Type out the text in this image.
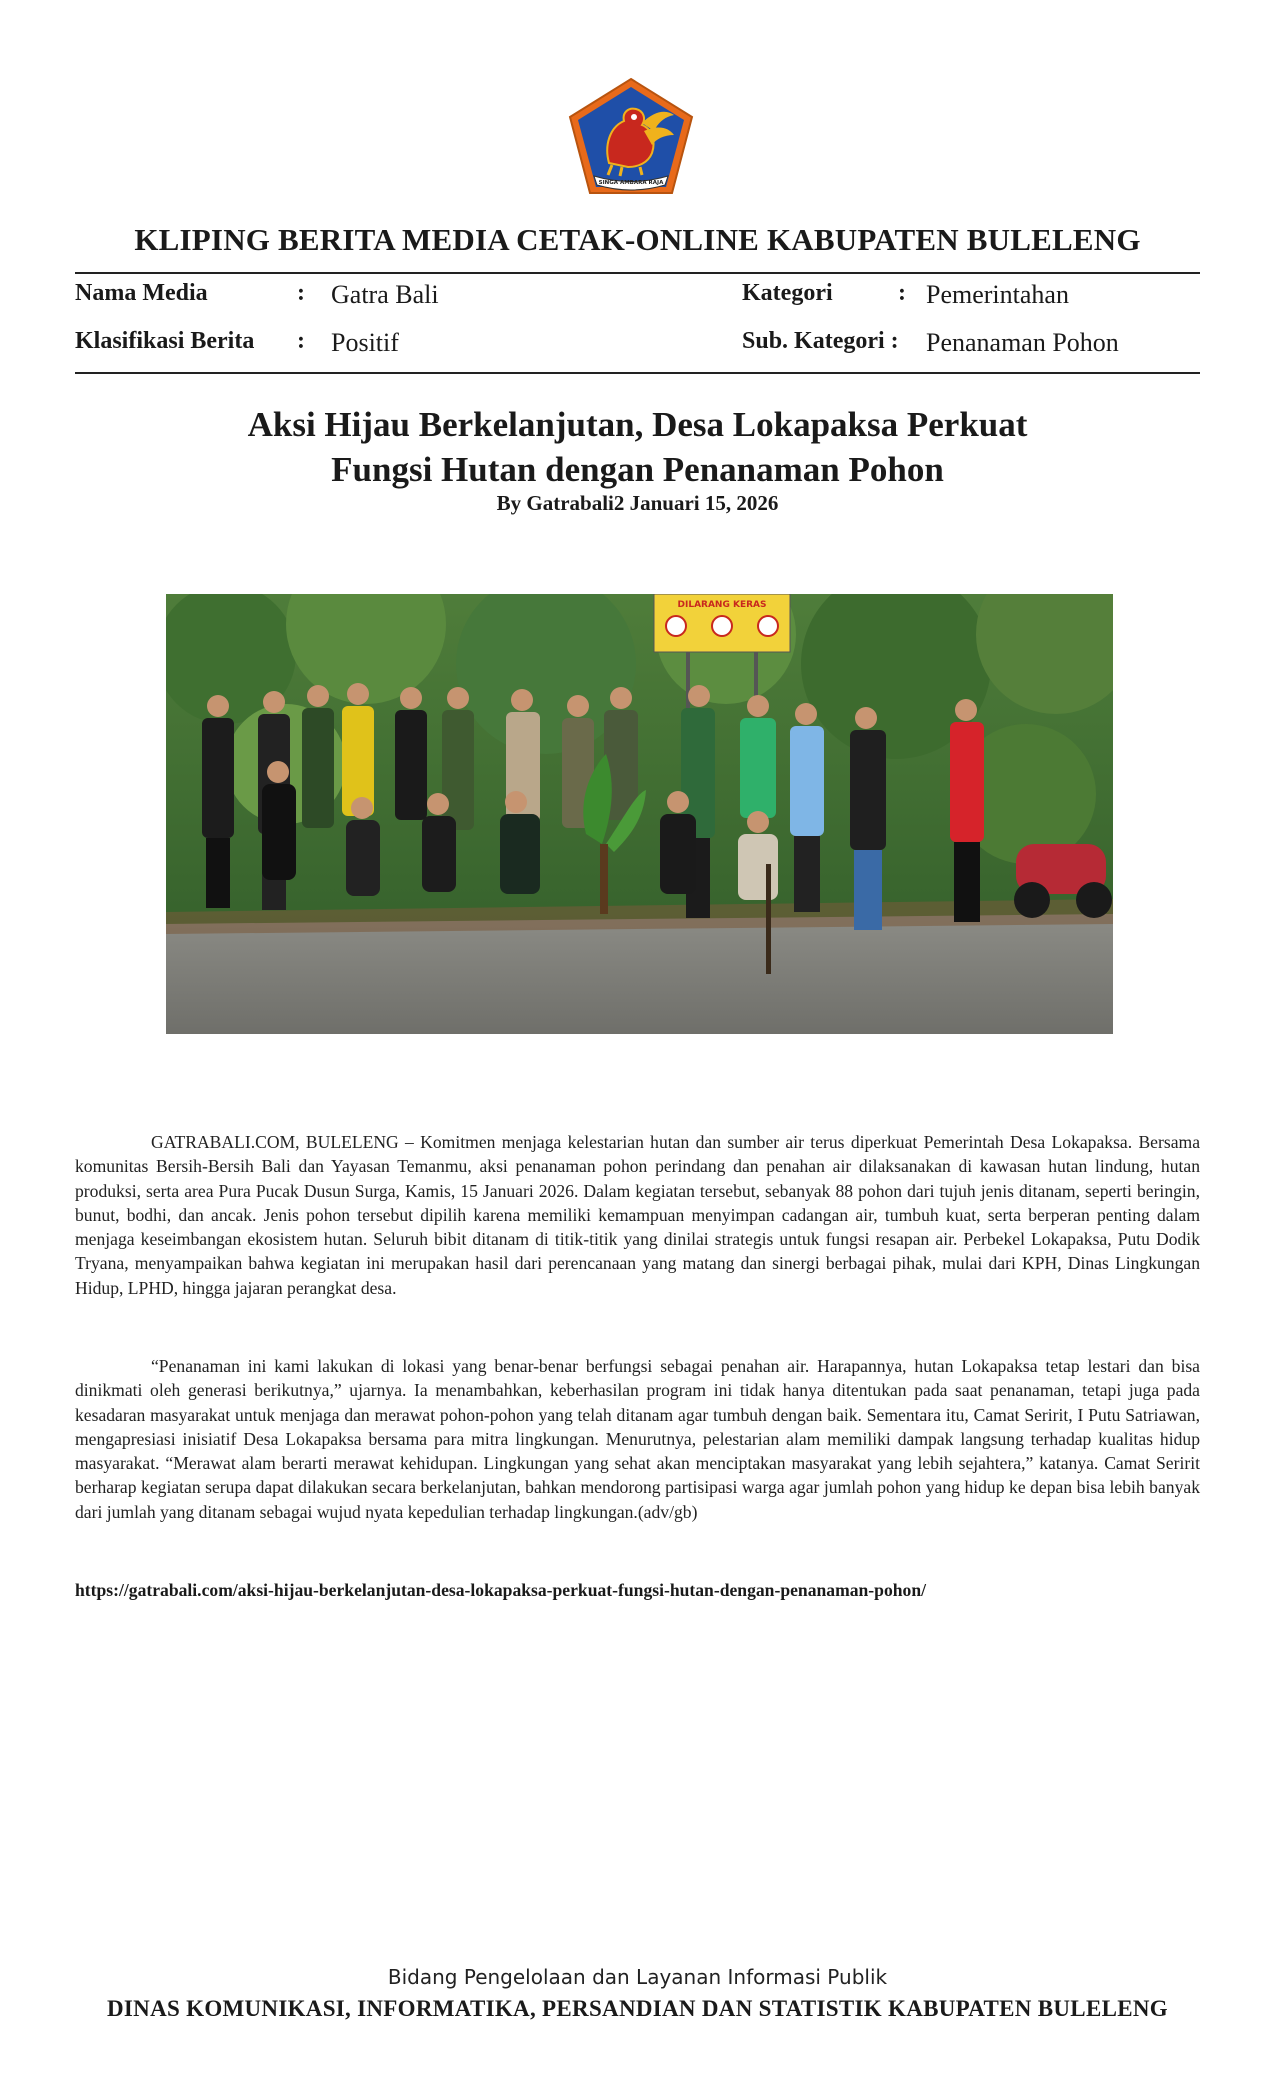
SINGA AMBARA RAJA
KLIPING BERITA MEDIA CETAK-ONLINE KABUPATEN BULELENG
Nama Media	: Gatra Bali	Kategori	: Pemerintahan
Klasifikasi Berita : Positif	Sub. Kategori : Penanaman Pohon
Aksi Hijau Berkelanjutan, Desa Lokapaksa Perkuat
Fungsi Hutan dengan Penanaman Pohon
By Gatrabali2 Januari 15, 2026
DILARANG KERAS

GATRABALI.COM, BULELENG – Komitmen menjaga kelestarian hutan dan sumber air terus diperkuat Pemerintah Desa Lokapaksa. Bersama komunitas Bersih-Bersih Bali dan Yayasan Temanmu, aksi penanaman pohon perindang dan penahan air dilaksanakan di kawasan hutan lindung, hutan produksi, serta area Pura Pucak Dusun Surga, Kamis, 15 Januari 2026. Dalam kegiatan tersebut, sebanyak 88 pohon dari tujuh jenis ditanam, seperti beringin, bunut, bodhi, dan ancak. Jenis pohon tersebut dipilih karena memiliki kemampuan menyimpan cadangan air, tumbuh kuat, serta berperan penting dalam menjaga keseimbangan ekosistem hutan. Seluruh bibit ditanam di titik-titik yang dinilai strategis untuk fungsi resapan air. Perbekel Lokapaksa, Putu Dodik Tryana, menyampaikan bahwa kegiatan ini merupakan hasil dari perencanaan yang matang dan sinergi berbagai pihak, mulai dari KPH, Dinas Lingkungan Hidup, LPHD, hingga jajaran perangkat desa.

“Penanaman ini kami lakukan di lokasi yang benar-benar berfungsi sebagai penahan air. Harapannya, hutan Lokapaksa tetap lestari dan bisa dinikmati oleh generasi berikutnya,” ujarnya. Ia menambahkan, keberhasilan program ini tidak hanya ditentukan pada saat penanaman, tetapi juga pada kesadaran masyarakat untuk menjaga dan merawat pohon-pohon yang telah ditanam agar tumbuh dengan baik. Sementara itu, Camat Seririt, I Putu Satriawan, mengapresiasi inisiatif Desa Lokapaksa bersama para mitra lingkungan. Menurutnya, pelestarian alam memiliki dampak langsung terhadap kualitas hidup masyarakat. “Merawat alam berarti merawat kehidupan. Lingkungan yang sehat akan menciptakan masyarakat yang lebih sejahtera,” katanya. Camat Seririt berharap kegiatan serupa dapat dilakukan secara berkelanjutan, bahkan mendorong partisipasi warga agar jumlah pohon yang hidup ke depan bisa lebih banyak dari jumlah yang ditanam sebagai wujud nyata kepedulian terhadap lingkungan.(adv/gb)

https://gatrabali.com/aksi-hijau-berkelanjutan-desa-lokapaksa-perkuat-fungsi-hutan-dengan-penanaman-pohon/
Bidang Pengelolaan dan Layanan Informasi Publik
DINAS KOMUNIKASI, INFORMATIKA, PERSANDIAN DAN STATISTIK KABUPATEN BULELENG
